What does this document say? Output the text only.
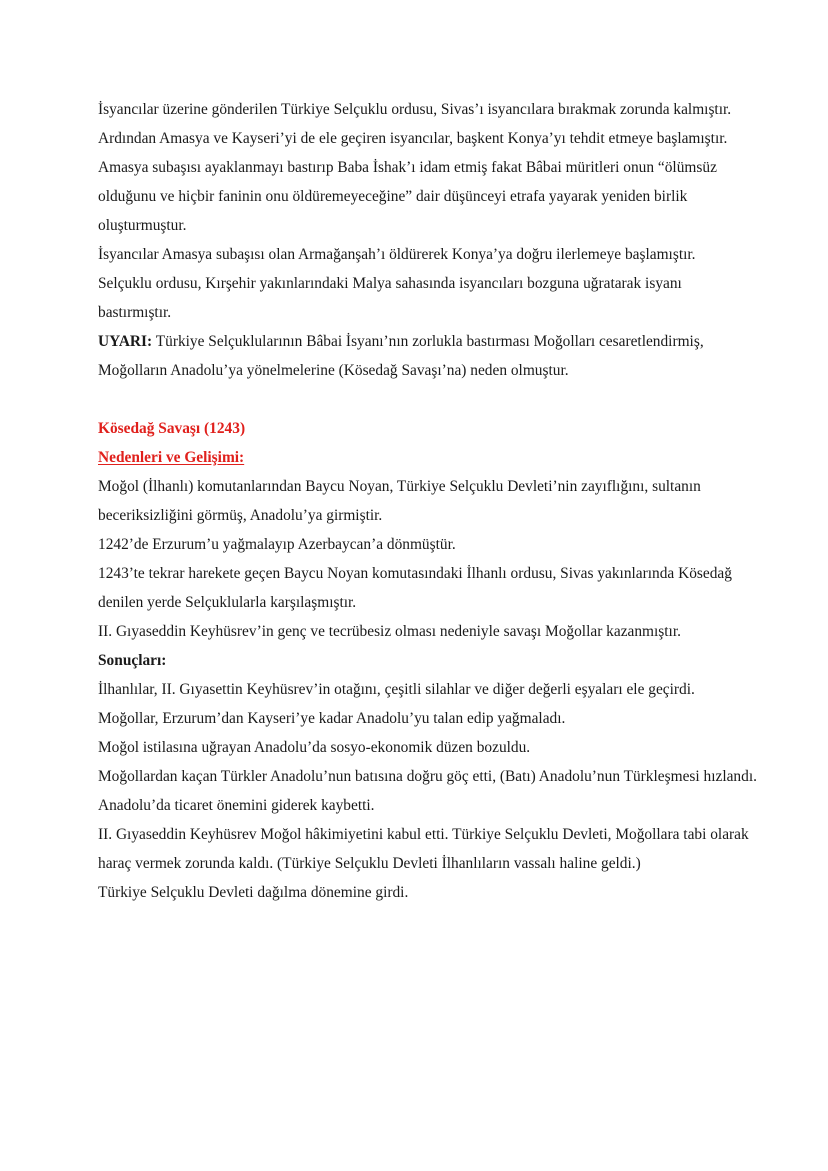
İsyancılar üzerine gönderilen Türkiye Selçuklu ordusu, Sivas’ı isyancılara bırakmak zorunda kalmıştır. Ardından Amasya ve Kayseri’yi de ele geçiren isyancılar, başkent Konya’yı tehdit etmeye başlamıştır.

Amasya subaşısı ayaklanmayı bastırıp Baba İshak’ı idam etmiş fakat Bâbai müritleri onun “ölümsüz olduğunu ve hiçbir faninin onu öldüremeyeceğine” dair düşünceyi etrafa yayarak yeniden birlik oluşturmuştur.

İsyancılar Amasya subaşısı olan Armağanşah’ı öldürerek Konya’ya doğru ilerlemeye başlamıştır.

Selçuklu ordusu, Kırşehir yakınlarındaki Malya sahasında isyancıları bozguna uğratarak isyanı bastırmıştır.

UYARI: Türkiye Selçuklularının Bâbai İsyanı’nın zorlukla bastırması Moğolları cesaretlendirmiş, Moğolların Anadolu’ya yönelmelerine (Kösedağ Savaşı’na) neden olmuştur.

Kösedağ Savaşı (1243)

Nedenleri ve Gelişimi:

Moğol (İlhanlı) komutanlarından Baycu Noyan, Türkiye Selçuklu Devleti’nin zayıflığını, sultanın beceriksizliğini görmüş, Anadolu’ya girmiştir.

1242’de Erzurum’u yağmalayıp Azerbaycan’a dönmüştür.

1243’te tekrar harekete geçen Baycu Noyan komutasındaki İlhanlı ordusu, Sivas yakınlarında Kösedağ denilen yerde Selçuklularla karşılaşmıştır.

II. Gıyaseddin Keyhüsrev’in genç ve tecrübesiz olması nedeniyle savaşı Moğollar kazanmıştır.

Sonuçları:

İlhanlılar, II. Gıyasettin Keyhüsrev’in otağını, çeşitli silahlar ve diğer değerli eşyaları ele geçirdi.

Moğollar, Erzurum’dan Kayseri’ye kadar Anadolu’yu talan edip yağmaladı.

Moğol istilasına uğrayan Anadolu’da sosyo-ekonomik düzen bozuldu.

Moğollardan kaçan Türkler Anadolu’nun batısına doğru göç etti, (Batı) Anadolu’nun Türkleşmesi hızlandı.

Anadolu’da ticaret önemini giderek kaybetti.

II. Gıyaseddin Keyhüsrev Moğol hâkimiyetini kabul etti. Türkiye Selçuklu Devleti, Moğollara tabi olarak haraç vermek zorunda kaldı. (Türkiye Selçuklu Devleti İlhanlıların vassalı haline geldi.)

Türkiye Selçuklu Devleti dağılma dönemine girdi.
